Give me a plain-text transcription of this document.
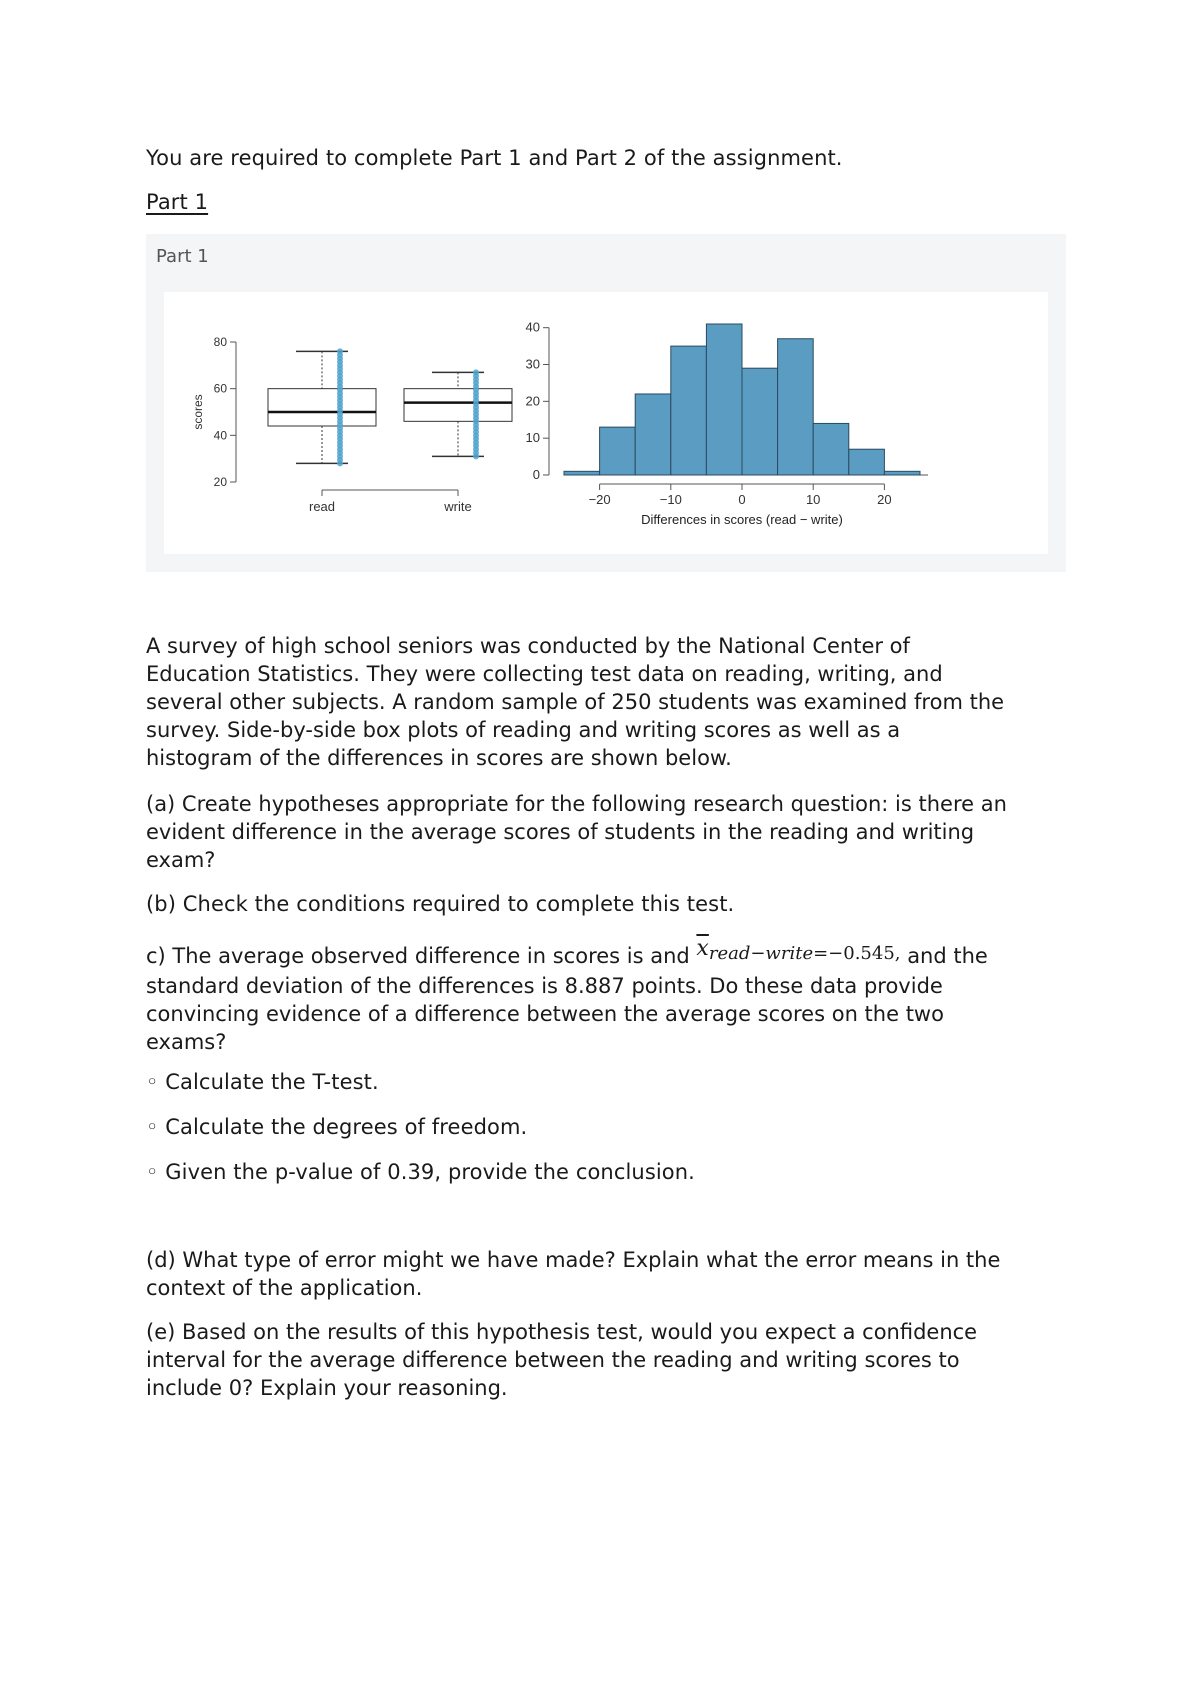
You are required to complete Part 1 and Part 2 of the assignment.
Part 1
Part 1
20
40
60
80
scores
read	write
0
10
20
30
40
−20	−10	0	10	20
Differences in scores (read − write)
A survey of high school seniors was conducted by the National Center of
Education Statistics. They were collecting test data on reading, writing, and
several other subjects. A random sample of 250 students was examined from the
survey. Side-by-side box plots of reading and writing scores as well as a
histogram of the differences in scores are shown below.
(a) Create hypotheses appropriate for the following research question: is there an
evident difference in the average scores of students in the reading and writing
exam?
(b) Check the conditions required to complete this test.
c) The average observed difference in scores is and $\overline{x}read-write=-0.545$, and the
standard deviation of the differences is 8.887 points. Do these data provide
convincing evidence of a difference between the average scores on the two
exams?
◦ Calculate the T-test.
◦ Calculate the degrees of freedom.
◦ Given the p-value of 0.39, provide the conclusion.
(d) What type of error might we have made? Explain what the error means in the
context of the application.
(e) Based on the results of this hypothesis test, would you expect a confidence
interval for the average difference between the reading and writing scores to
include 0? Explain your reasoning.
